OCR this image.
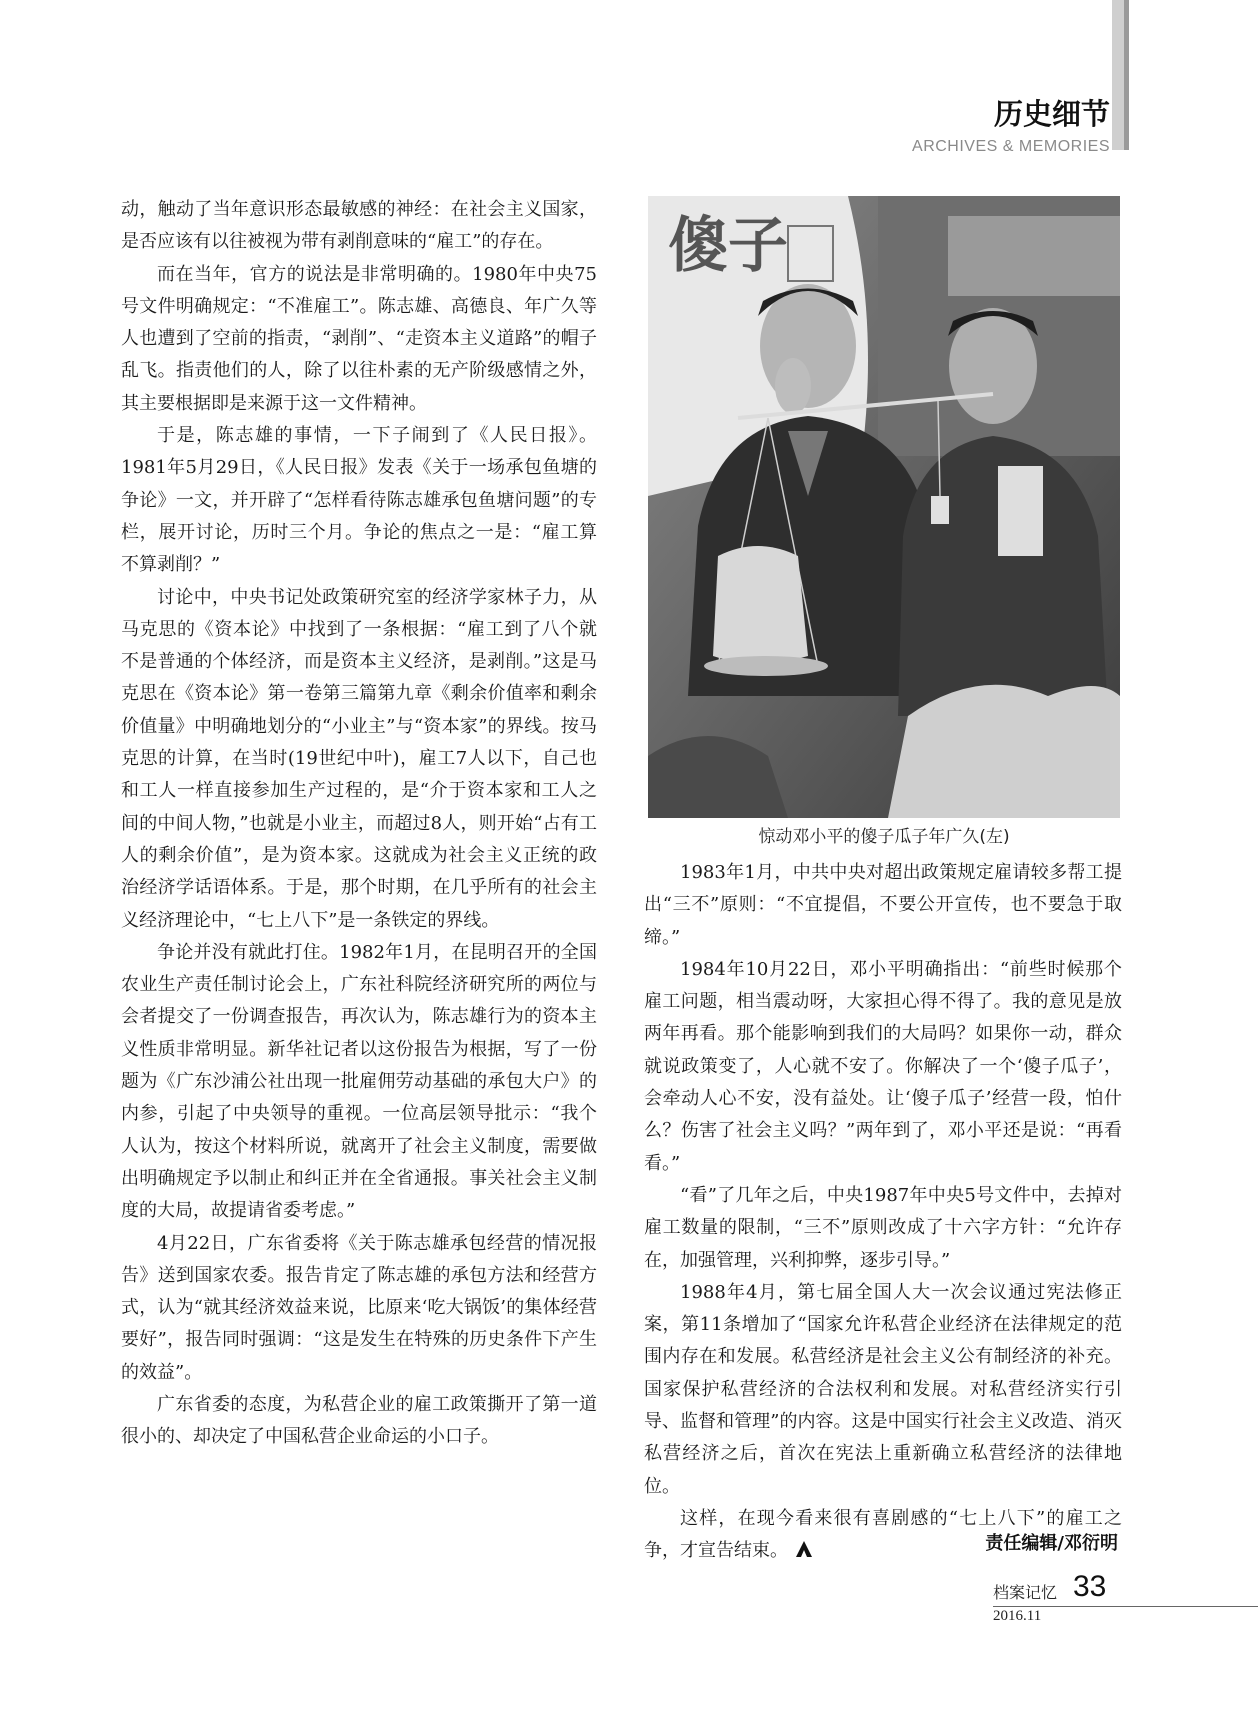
历史细节
ARCHIVES & MEMORIES

动，触动了当年意识形态最敏感的神经：在社会主义国家，是否应该有以往被视为带有剥削意味的“雇工”的存在。

而在当年，官方的说法是非常明确的。1980年中央75号文件明确规定：“不准雇工”。陈志雄、高德良、年广久等人也遭到了空前的指责，“剥削”、“走资本主义道路”的帽子乱飞。指责他们的人，除了以往朴素的无产阶级感情之外，其主要根据即是来源于这一文件精神。

于是，陈志雄的事情，一下子闹到了《人民日报》。1981年5月29日，《人民日报》发表《关于一场承包鱼塘的争论》一文，并开辟了“怎样看待陈志雄承包鱼塘问题”的专栏，展开讨论，历时三个月。争论的焦点之一是：“雇工算不算剥削？”

讨论中，中央书记处政策研究室的经济学家林子力，从马克思的《资本论》中找到了一条根据：“雇工到了八个就不是普通的个体经济，而是资本主义经济，是剥削。”这是马克思在《资本论》第一卷第三篇第九章《剩余价值率和剩余价值量》中明确地划分的“小业主”与“资本家”的界线。按马克思的计算，在当时(19世纪中叶)，雇工7人以下，自己也和工人一样直接参加生产过程的，是“介于资本家和工人之间的中间人物，”也就是小业主，而超过8人，则开始“占有工人的剩余价值”，是为资本家。这就成为社会主义正统的政治经济学话语体系。于是，那个时期，在几乎所有的社会主义经济理论中，“七上八下”是一条铁定的界线。

争论并没有就此打住。1982年1月，在昆明召开的全国农业生产责任制讨论会上，广东社科院经济研究所的两位与会者提交了一份调查报告，再次认为，陈志雄行为的资本主义性质非常明显。新华社记者以这份报告为根据，写了一份题为《广东沙浦公社出现一批雇佣劳动基础的承包大户》的内参，引起了中央领导的重视。一位高层领导批示：“我个人认为，按这个材料所说，就离开了社会主义制度，需要做出明确规定予以制止和纠正并在全省通报。事关社会主义制度的大局，故提请省委考虑。”

4月22日，广东省委将《关于陈志雄承包经营的情况报告》送到国家农委。报告肯定了陈志雄的承包方法和经营方式，认为“就其经济效益来说，比原来‘吃大锅饭’的集体经营要好”，报告同时强调：“这是发生在特殊的历史条件下产生的效益”。

广东省委的态度，为私营企业的雇工政策撕开了第一道很小的、却决定了中国私营企业命运的小口子。

傻子
惊动邓小平的傻子瓜子年广久(左)

1983年1月，中共中央对超出政策规定雇请较多帮工提出“三不”原则：“不宜提倡，不要公开宣传，也不要急于取缔。”

1984年10月22日，邓小平明确指出：“前些时候那个雇工问题，相当震动呀，大家担心得不得了。我的意见是放两年再看。那个能影响到我们的大局吗？如果你一动，群众就说政策变了，人心就不安了。你解决了一个‘傻子瓜子’，会牵动人心不安，没有益处。让‘傻子瓜子’经营一段，怕什么？伤害了社会主义吗？”两年到了，邓小平还是说：“再看看。”

“看”了几年之后，中央1987年中央5号文件中，去掉对雇工数量的限制，“三不”原则改成了十六字方针：“允许存在，加强管理，兴利抑弊，逐步引导。”

1988年4月，第七届全国人大一次会议通过宪法修正案，第11条增加了“国家允许私营企业经济在法律规定的范围内存在和发展。私营经济是社会主义公有制经济的补充。国家保护私营经济的合法权利和发展。对私营经济实行引导、监督和管理”的内容。这是中国实行社会主义改造、消灭私营经济之后，首次在宪法上重新确立私营经济的法律地位。

这样，在现今看来很有喜剧感的“七上八下”的雇工之争，才宣告结束。	责任编辑/邓衍明
档案记忆 33
2016.11
